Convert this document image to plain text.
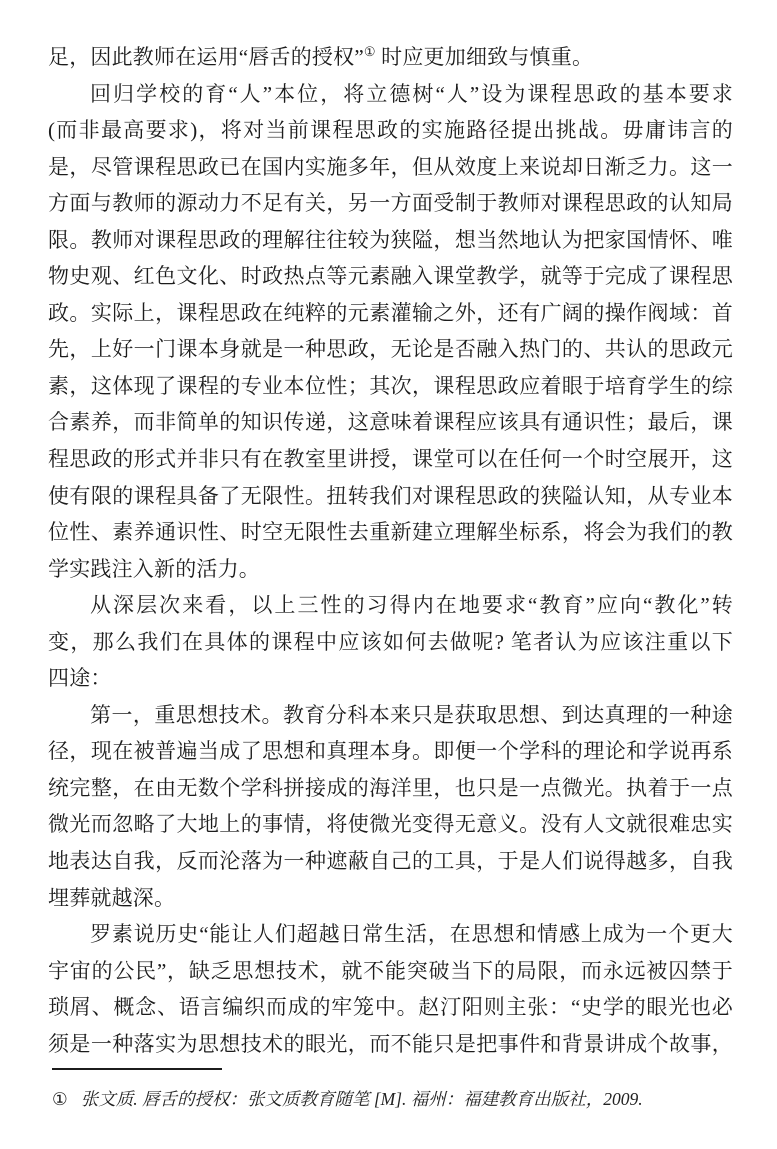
足，因此教师在运用“唇舌的授权”① 时应更加细致与慎重。
回归学校的育“人”本位，将立德树“人”设为课程思政的基本要求
(而非最高要求)，将对当前课程思政的实施路径提出挑战。毋庸讳言的
是，尽管课程思政已在国内实施多年，但从效度上来说却日渐乏力。这一
方面与教师的源动力不足有关，另一方面受制于教师对课程思政的认知局
限。教师对课程思政的理解往往较为狭隘，想当然地认为把家国情怀、唯
物史观、红色文化、时政热点等元素融入课堂教学，就等于完成了课程思
政。实际上，课程思政在纯粹的元素灌输之外，还有广阔的操作阀域：首
先，上好一门课本身就是一种思政，无论是否融入热门的、共认的思政元
素，这体现了课程的专业本位性；其次，课程思政应着眼于培育学生的综
合素养，而非简单的知识传递，这意味着课程应该具有通识性；最后，课
程思政的形式并非只有在教室里讲授，课堂可以在任何一个时空展开，这
使有限的课程具备了无限性。扭转我们对课程思政的狭隘认知，从专业本
位性、素养通识性、时空无限性去重新建立理解坐标系，将会为我们的教
学实践注入新的活力。
从深层次来看，以上三性的习得内在地要求“教育”应向“教化”转
变，那么我们在具体的课程中应该如何去做呢? 笔者认为应该注重以下
四途：
第一，重思想技术。教育分科本来只是获取思想、到达真理的一种途
径，现在被普遍当成了思想和真理本身。即便一个学科的理论和学说再系
统完整，在由无数个学科拼接成的海洋里，也只是一点微光。执着于一点
微光而忽略了大地上的事情，将使微光变得无意义。没有人文就很难忠实
地表达自我，反而沦落为一种遮蔽自己的工具，于是人们说得越多，自我
埋葬就越深。
罗素说历史“能让人们超越日常生活，在思想和情感上成为一个更大
宇宙的公民”，缺乏思想技术，就不能突破当下的局限，而永远被囚禁于
琐屑、概念、语言编织而成的牢笼中。赵汀阳则主张：“史学的眼光也必
须是一种落实为思想技术的眼光，而不能只是把事件和背景讲成个故事，
① 张文质. 唇舌的授权：张文质教育随笔 [M]. 福州：福建教育出版社，2009.
